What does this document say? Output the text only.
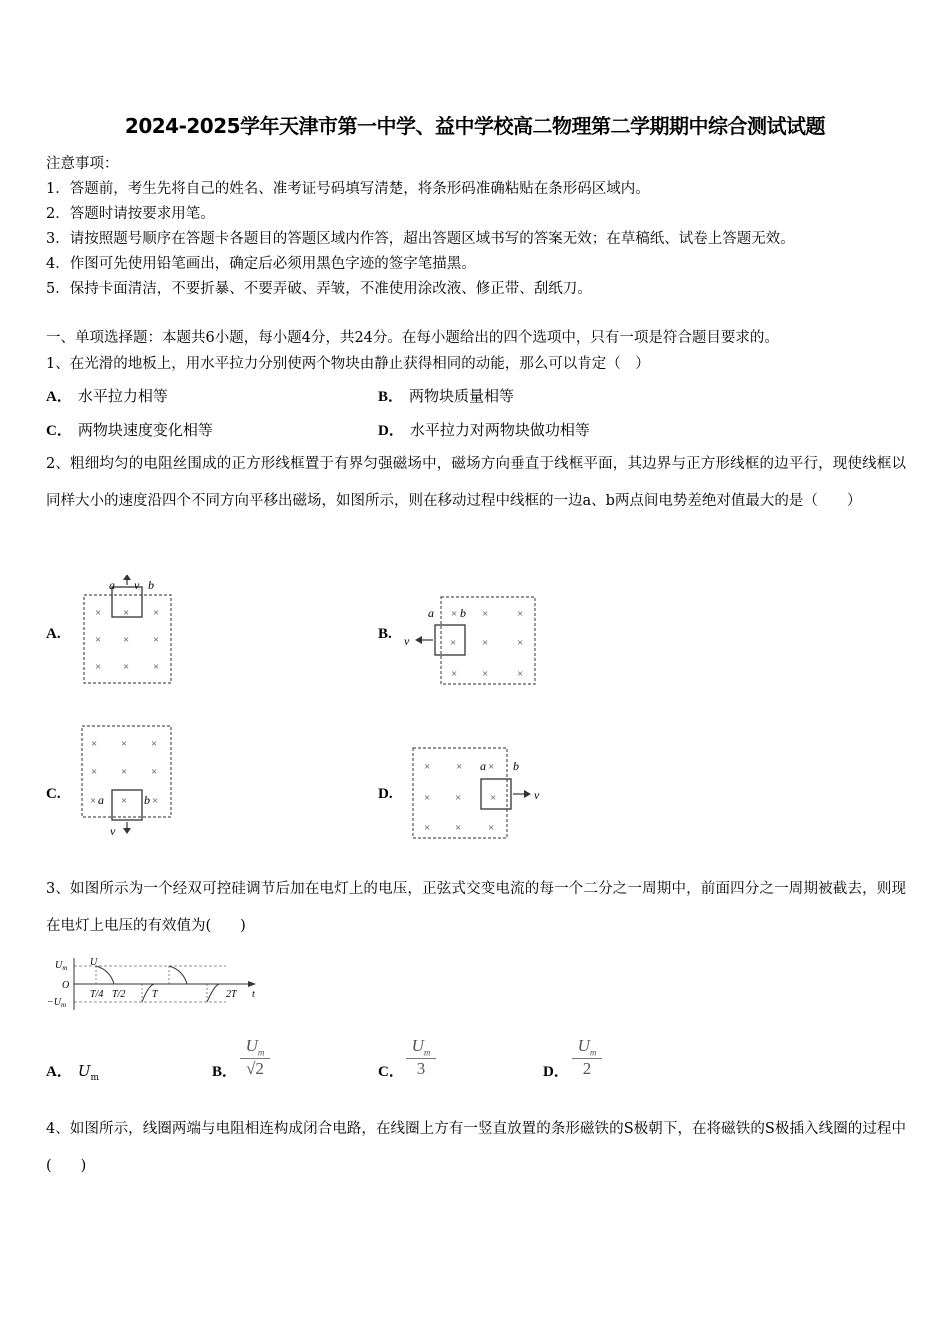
2024-2025学年天津市第一中学、益中学校高二物理第二学期期中综合测试试题
注意事项：
1．答题前，考生先将自己的姓名、准考证号码填写清楚，将条形码准确粘贴在条形码区域内。
2．答题时请按要求用笔。
3．请按照题号顺序在答题卡各题目的答题区域内作答，超出答题区域书写的答案无效；在草稿纸、试卷上答题无效。
4．作图可先使用铅笔画出，确定后必须用黑色字迹的签字笔描黑。
5．保持卡面清洁，不要折暴、不要弄破、弄皱，不准使用涂改液、修正带、刮纸刀。
一、单项选择题：本题共6小题，每小题4分，共24分。在每小题给出的四个选项中，只有一项是符合题目要求的。
1、在光滑的地板上，用水平拉力分别使两个物块由静止获得相同的动能，那么可以肯定（　）
A． 水平拉力相等	B． 两物块质量相等
C． 两物块速度变化相等	D． 水平拉力对两物块做功相等
2、粗细均匀的电阻丝围成的正方形线框置于有界匀强磁场中，磁场方向垂直于线框平面，其边界与正方形线框的边平行，现使线框以同样大小的速度沿四个不同方向平移出磁场，如图所示，则在移动过程中线框的一边a、b两点间电势差绝对值最大的是（　　）
A.	B.
C.	D.
a v b
× × ×
× × ×
× × ×
v
a b
× ×	×
× ×	×
× ×	×
v
× × ×
× × ×
× × ×
a	b	v
a b
× × ×
× ×	×
× × ×
3、如图所示为一个经双可控硅调节后加在电灯上的电压，正弦式交变电流的每一个二分之一周期中，前面四分之一周期被截去，则现在电灯上电压的有效值为(　　)
$U_m$ U
O
$-U_m$
T/4 T/2	T	2T t
A． $U_m$	B． $\frac{U_m}{√2}$	C． $\frac{U_m}{3}$	D． $\frac{U_m}{2}$
4、如图所示，线圈两端与电阻相连构成闭合电路，在线圈上方有一竖直放置的条形磁铁的S极朝下，在将磁铁的S极插入线圈的过程中(　　)
